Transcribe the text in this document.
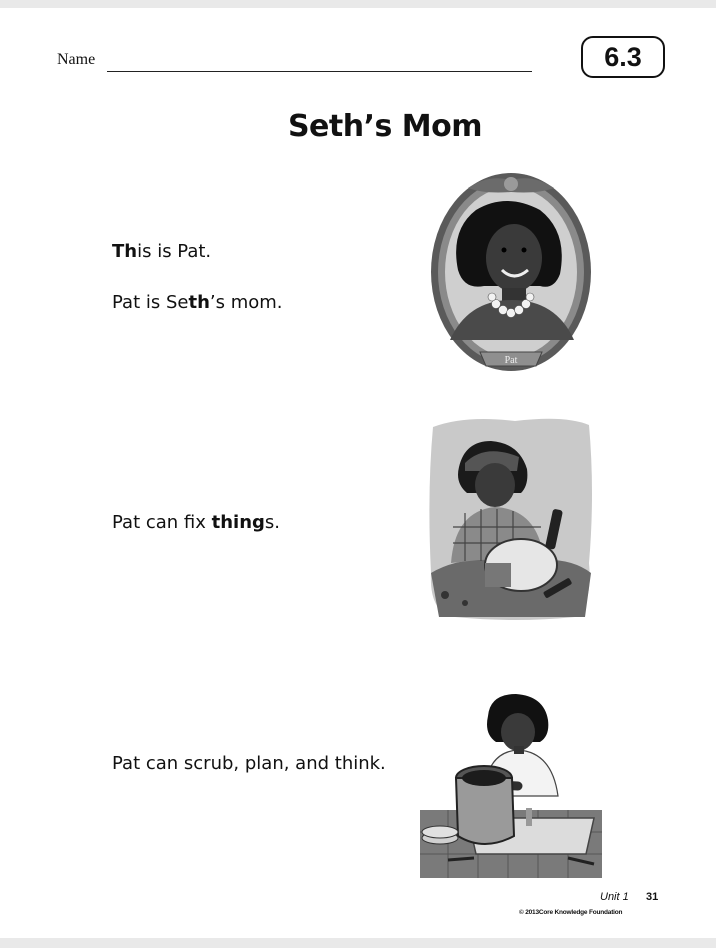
Name	6.3
Seth’s Mom
This is Pat.
Pat is Seth’s mom.
Pat can fix things.
Pat can scrub, plan, and think.
Pat
Unit 1 31
© 2013Core Knowledge Foundation
